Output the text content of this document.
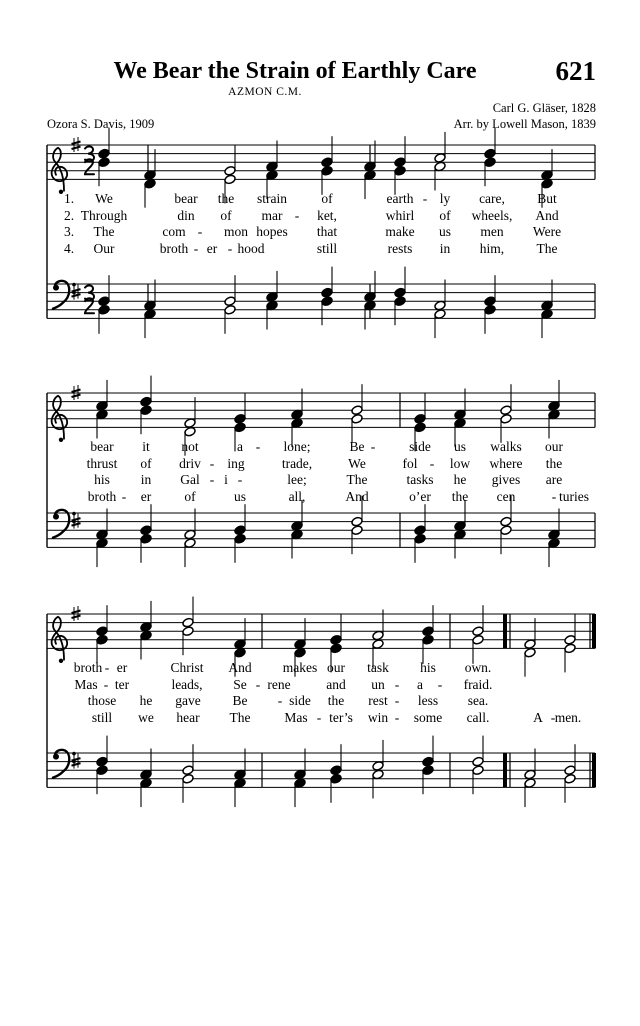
We Bear the Strain of Earthly Care	621
AZMON C.M.
Ozora S. Davis, 1909
Carl G. Gläser, 1828
Arr. by Lowell Mason, 1839
1. We	bear the strain	of	earth - ly care, But
2. Through	din of mar - ket,	whirl of wheels, And
3. The	com - mon hopes that	make us men Were
4. Our	broth - er - hood	still	rests in him, The
bear it not	a - lone;	Be -	side us walks our
thrust of driv - ing	trade,	We	fol - low where the
his in Gal - i -	lee;	The	tasks he gives are
broth - er of	us	all,	And	o’er the cen	- turies
broth - er	Christ And makes our task his own.
Mas - ter	leads, Se - rene	and un - a - fraid.
those he gave Be - side the rest - less sea.
still we hear The	Mas - ter’s win - some call.	A - men.
